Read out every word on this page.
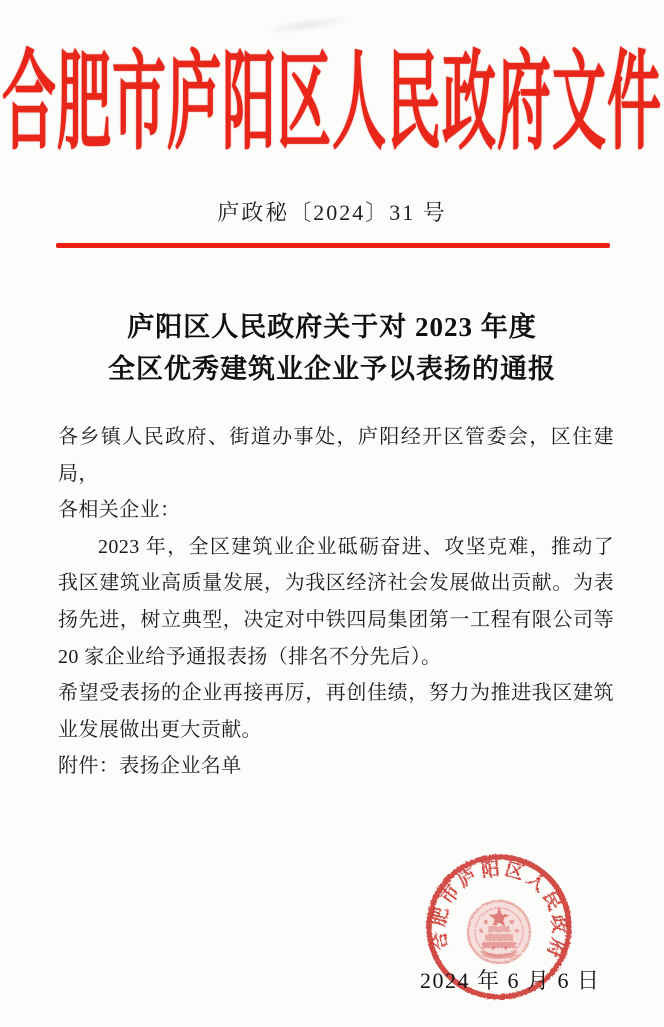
合肥市庐阳区人民政府文件
庐政秘〔2024〕31 号
庐阳区人民政府关于对 2023 年度
全区优秀建筑业企业予以表扬的通报

各乡镇人民政府、街道办事处，庐阳经开区管委会，区住建局，

各相关企业：

2023 年，全区建筑业企业砥砺奋进、攻坚克难，推动了我区建筑业高质量发展，为我区经济社会发展做出贡献。为表扬先进，树立典型，决定对中铁四局集团第一工程有限公司等 20 家企业给予通报表扬（排名不分先后）。

希望受表扬的企业再接再厉，再创佳绩，努力为推进我区建筑业发展做出更大贡献。

附件：表扬企业名单

合肥市庐阳区人民政府
2024 年 6 月 6 日
